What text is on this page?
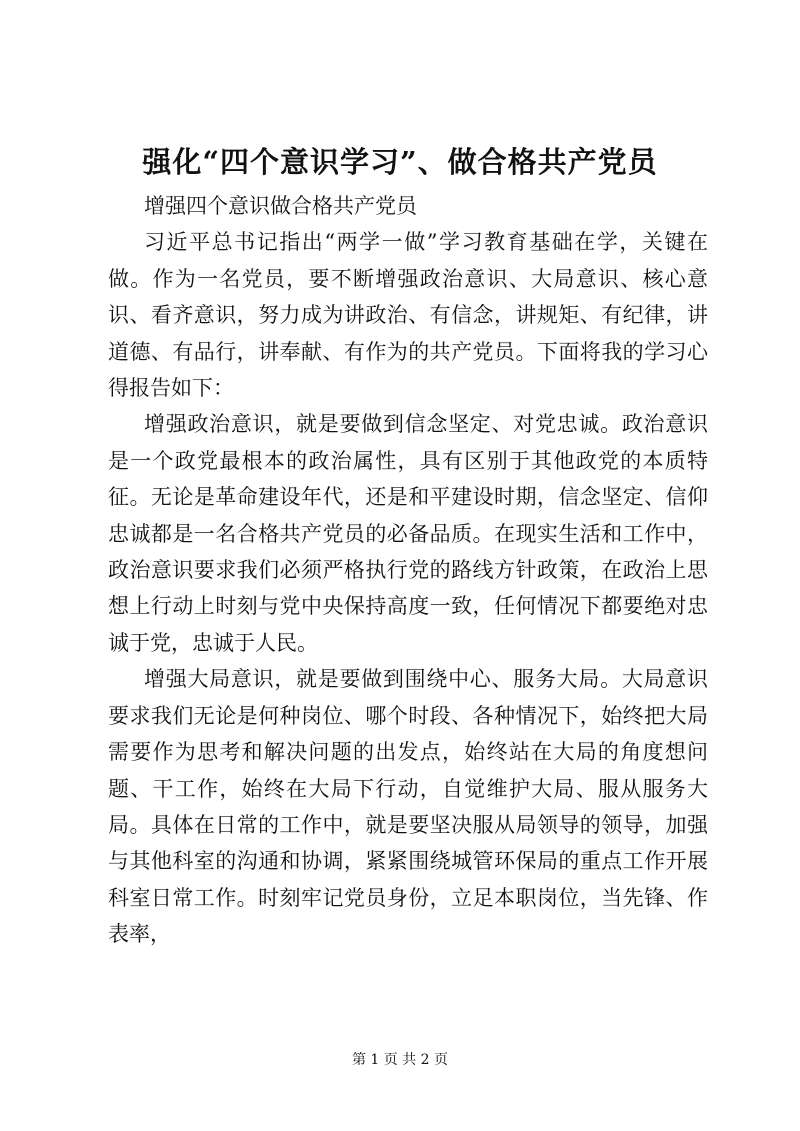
强化“四个意识学习”、做合格共产党员

增强四个意识做合格共产党员

习近平总书记指出“两学一做”学习教育基础在学，关键在做。作为一名党员，要不断增强政治意识、大局意识、核心意识、看齐意识，努力成为讲政治、有信念，讲规矩、有纪律，讲道德、有品行，讲奉献、有作为的共产党员。下面将我的学习心得报告如下：

增强政治意识，就是要做到信念坚定、对党忠诚。政治意识是一个政党最根本的政治属性，具有区别于其他政党的本质特征。无论是革命建设年代，还是和平建设时期，信念坚定、信仰忠诚都是一名合格共产党员的必备品质。在现实生活和工作中，政治意识要求我们必须严格执行党的路线方针政策，在政治上思想上行动上时刻与党中央保持高度一致，任何情况下都要绝对忠诚于党，忠诚于人民。

增强大局意识，就是要做到围绕中心、服务大局。大局意识要求我们无论是何种岗位、哪个时段、各种情况下，始终把大局需要作为思考和解决问题的出发点，始终站在大局的角度想问题、干工作，始终在大局下行动，自觉维护大局、服从服务大局。具体在日常的工作中，就是要坚决服从局领导的领导，加强与其他科室的沟通和协调，紧紧围绕城管环保局的重点工作开展科室日常工作。时刻牢记党员身份，立足本职岗位，当先锋、作表率，

第 1 页 共 2 页
